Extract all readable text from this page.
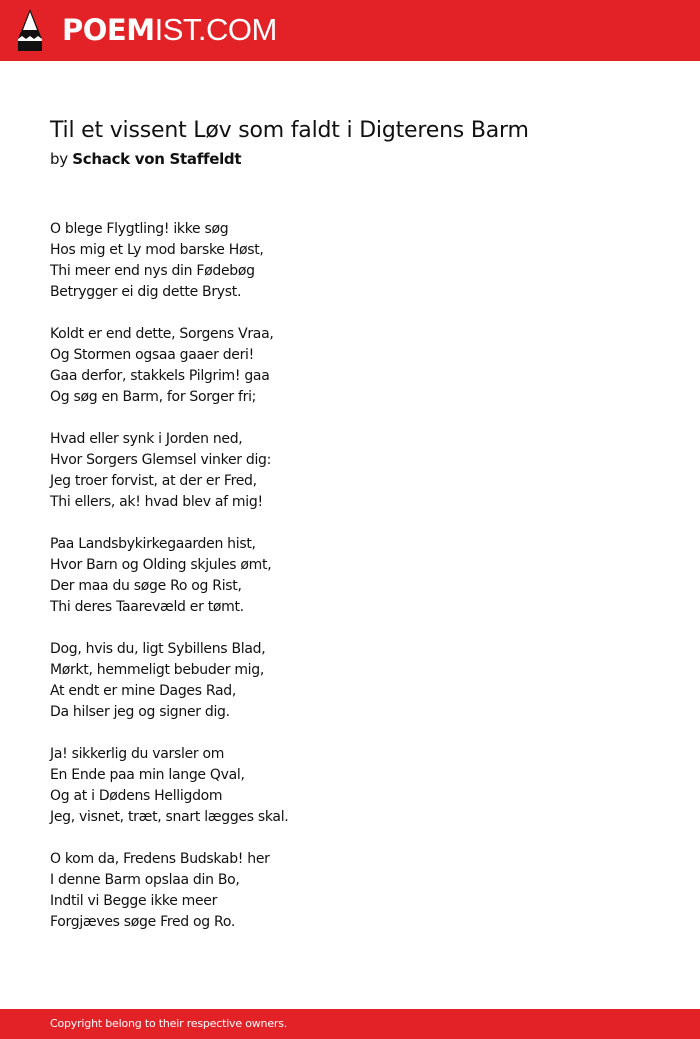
POEMIST.COM
Til et vissent Løv som faldt i Digterens Barm
by Schack von Staffeldt
O blege Flygtling! ikke søg
Hos mig et Ly mod barske Høst,
Thi meer end nys din Fødebøg
Betrygger ei dig dette Bryst.
Koldt er end dette, Sorgens Vraa,
Og Stormen ogsaa gaaer deri!
Gaa derfor, stakkels Pilgrim! gaa
Og søg en Barm, for Sorger fri;
Hvad eller synk i Jorden ned,
Hvor Sorgers Glemsel vinker dig:
Jeg troer forvist, at der er Fred,
Thi ellers, ak! hvad blev af mig!
Paa Landsbykirkegaarden hist,
Hvor Barn og Olding skjules ømt,
Der maa du søge Ro og Rist,
Thi deres Taarevæld er tømt.
Dog, hvis du, ligt Sybillens Blad,
Mørkt, hemmeligt bebuder mig,
At endt er mine Dages Rad,
Da hilser jeg og signer dig.
Ja! sikkerlig du varsler om
En Ende paa min lange Qval,
Og at i Dødens Helligdom
Jeg, visnet, træt, snart lægges skal.
O kom da, Fredens Budskab! her
I denne Barm opslaa din Bo,
Indtil vi Begge ikke meer
Forgjæves søge Fred og Ro.
Copyright belong to their respective owners.
